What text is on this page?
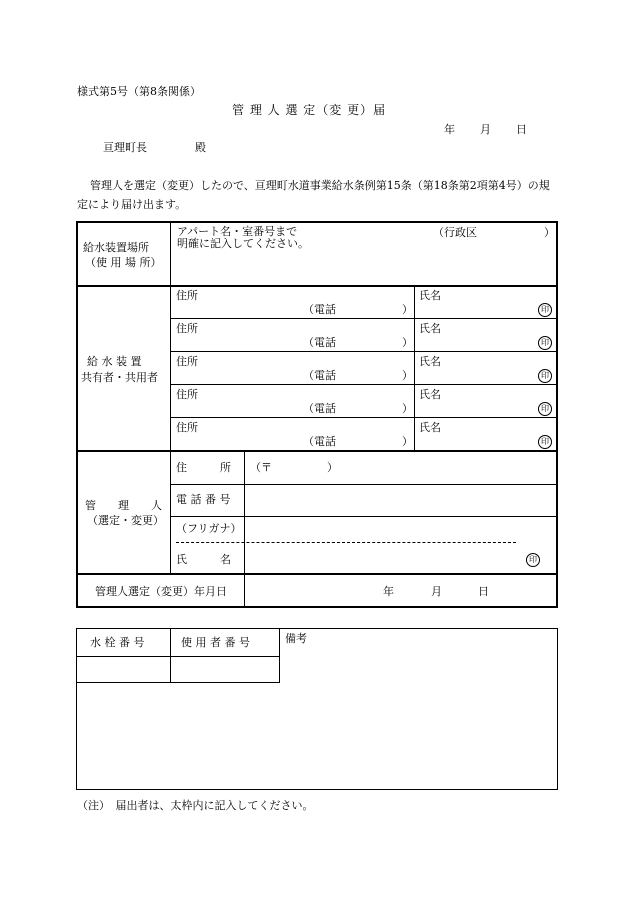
様式第5号（第8条関係）
管 理 人 選 定（変 更）届
年 月 日
亘理町長	殿
管理人を選定（変更）したので、亘理町水道事業給水条例第15条（第18条第2項第4号）の規
定により届け出ます。
給水装置場所
（使 用 場 所）
アパート名・室番号まで
明確に記入してください。
（行政区	）
給 水 装 置
共有者・共用者
住所
（電話	）
氏名
印
住所
（電話	）
氏名
印
住所
（電話	）
氏名
印
住所
（電話	）
氏名
印
住所
（電話	）
氏名
印
管　　理　　人
（選定・変更）
住　　　所 （〒	）
電 話 番 号
（フリガナ）
氏　　　名	印
管理人選定（変更）年月日	年	月	日
水 栓 番 号	使 用 者 番 号	備考
（注）　届出者は、太枠内に記入してください。
